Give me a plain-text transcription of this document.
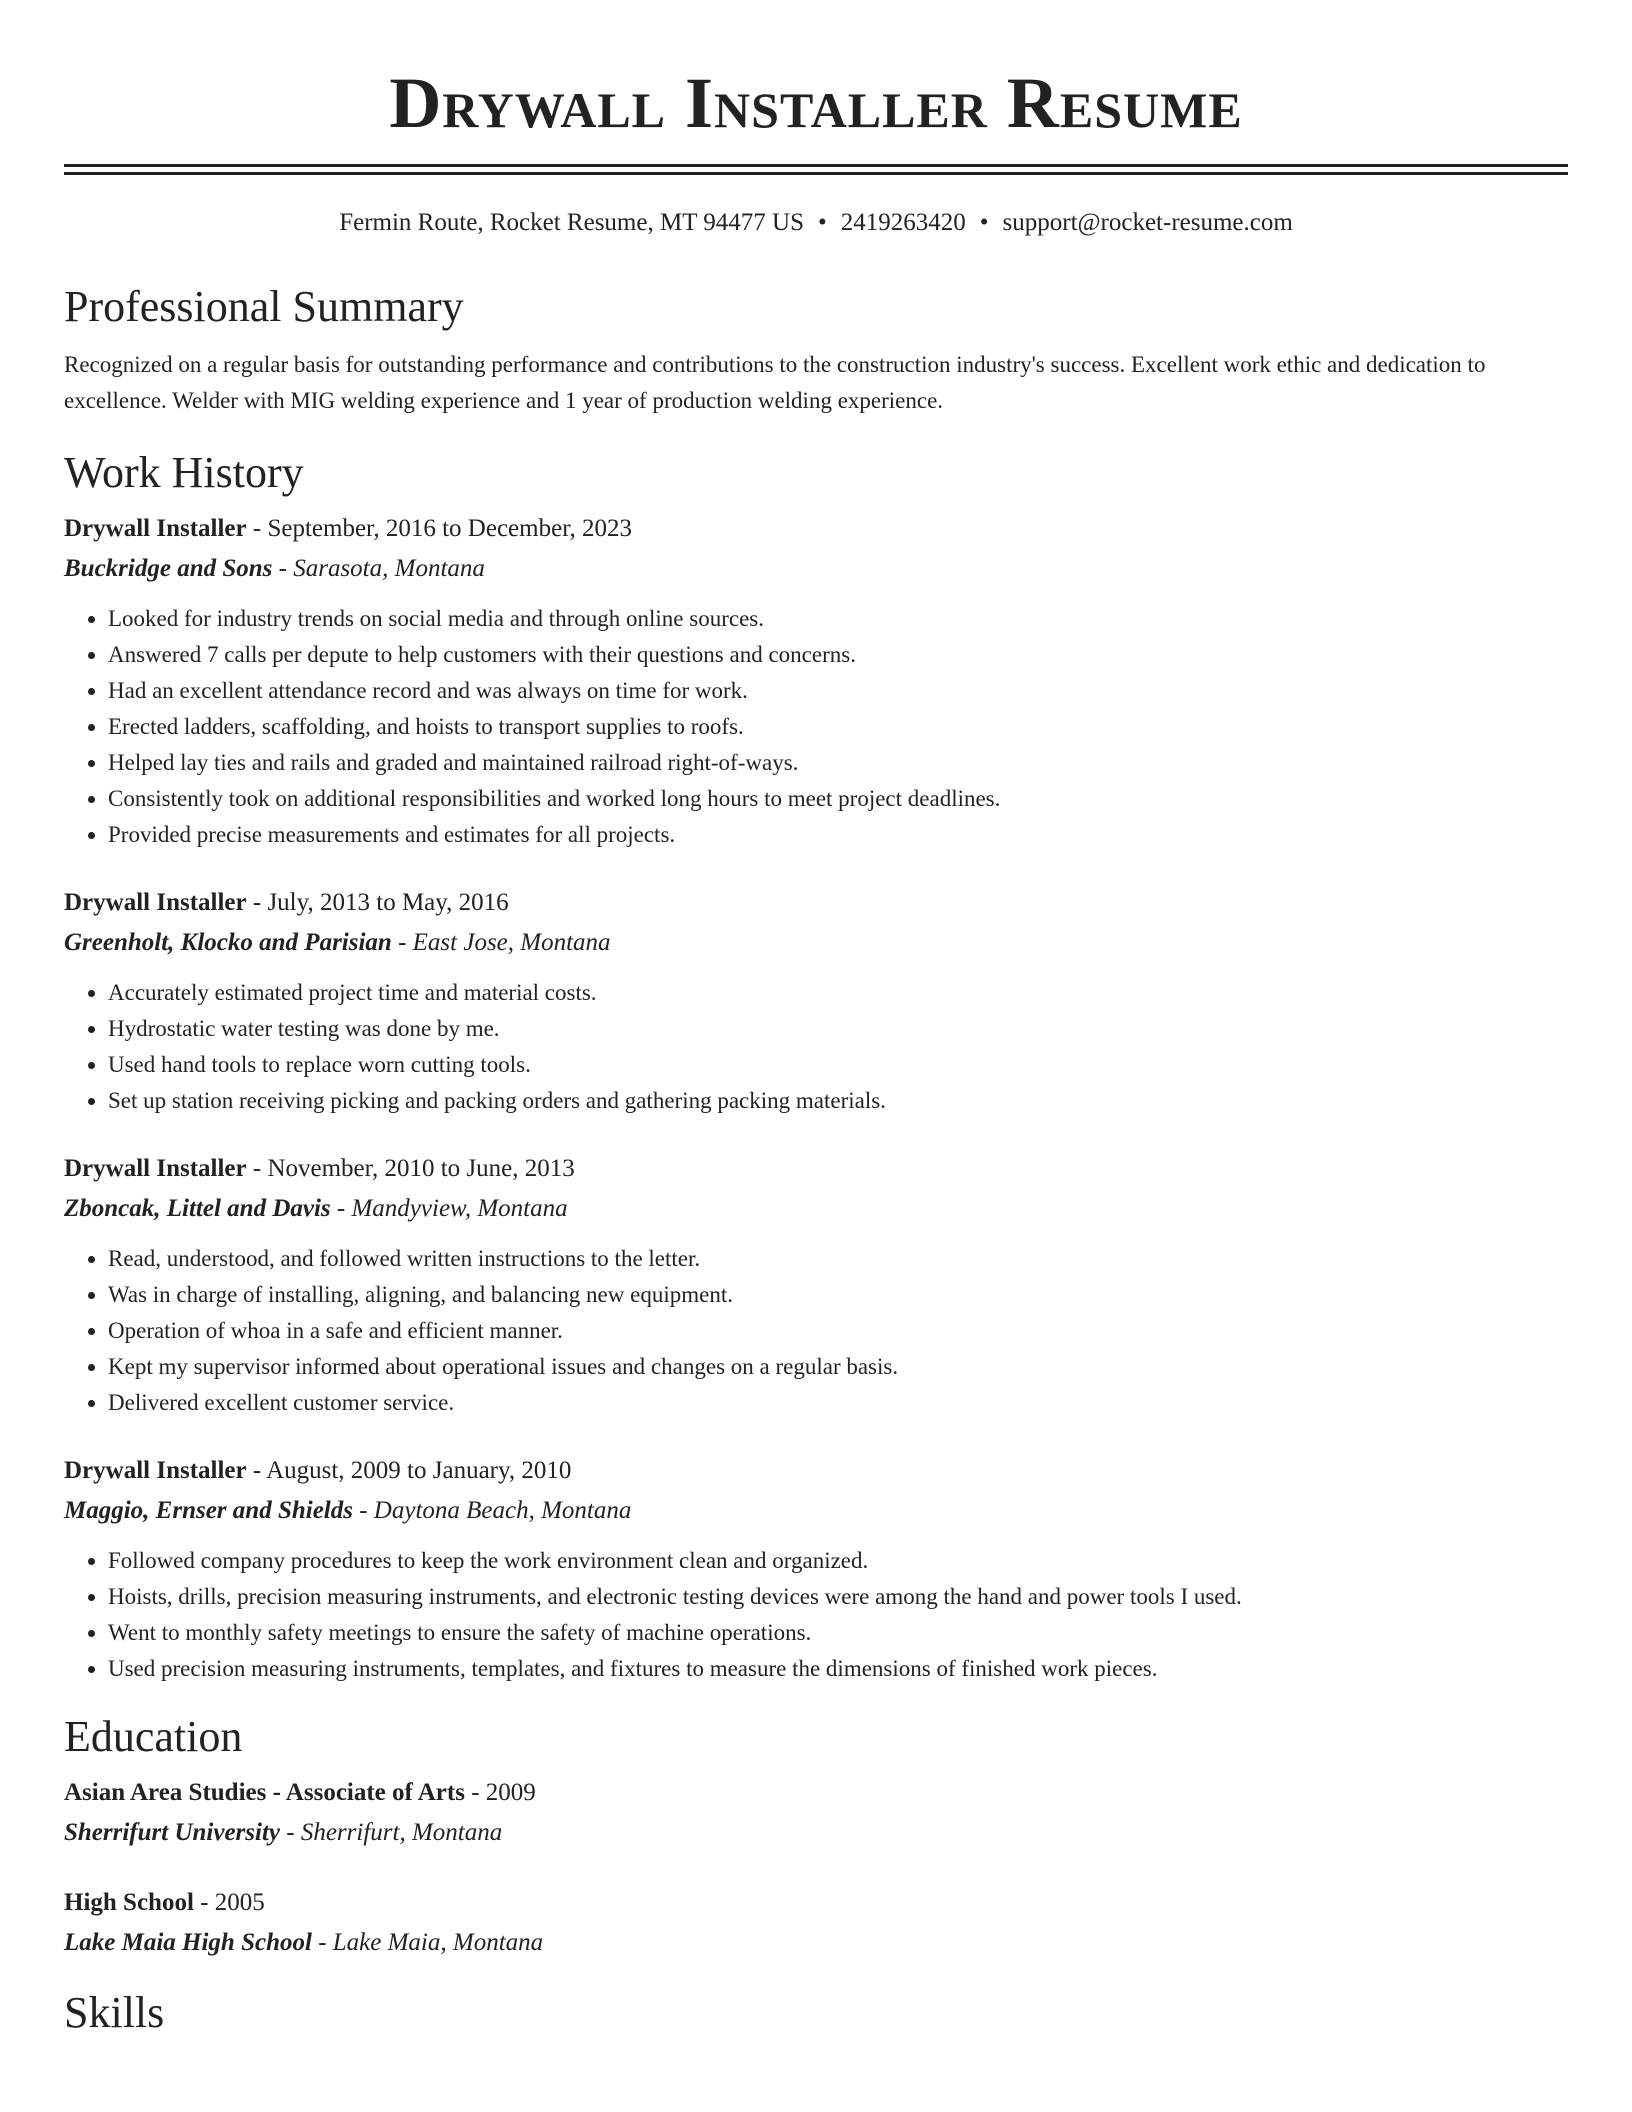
Drywall Installer Resume
Fermin Route, Rocket Resume, MT 94477 US • 2419263420 • support@rocket-resume.com
Professional Summary

Recognized on a regular basis for outstanding performance and contributions to the construction industry's success. Excellent work ethic and dedication to excellence. Welder with MIG welding experience and 1 year of production welding experience.

Work History
Drywall Installer - September, 2016 to December, 2023
Buckridge and Sons - Sarasota, Montana
• Looked for industry trends on social media and through online sources.
• Answered 7 calls per depute to help customers with their questions and concerns.
• Had an excellent attendance record and was always on time for work.
• Erected ladders, scaffolding, and hoists to transport supplies to roofs.
• Helped lay ties and rails and graded and maintained railroad right-of-ways.
• Consistently took on additional responsibilities and worked long hours to meet project deadlines.
• Provided precise measurements and estimates for all projects.
Drywall Installer - July, 2013 to May, 2016
Greenholt, Klocko and Parisian - East Jose, Montana
• Accurately estimated project time and material costs.
• Hydrostatic water testing was done by me.
• Used hand tools to replace worn cutting tools.
• Set up station receiving picking and packing orders and gathering packing materials.
Drywall Installer - November, 2010 to June, 2013
Zboncak, Littel and Davis - Mandyview, Montana
• Read, understood, and followed written instructions to the letter.
• Was in charge of installing, aligning, and balancing new equipment.
• Operation of whoa in a safe and efficient manner.
• Kept my supervisor informed about operational issues and changes on a regular basis.
• Delivered excellent customer service.
Drywall Installer - August, 2009 to January, 2010
Maggio, Ernser and Shields - Daytona Beach, Montana
• Followed company procedures to keep the work environment clean and organized.
• Hoists, drills, precision measuring instruments, and electronic testing devices were among the hand and power tools I used.
• Went to monthly safety meetings to ensure the safety of machine operations.
• Used precision measuring instruments, templates, and fixtures to measure the dimensions of finished work pieces.
Education
Asian Area Studies - Associate of Arts - 2009
Sherrifurt University - Sherrifurt, Montana
High School - 2005
Lake Maia High School - Lake Maia, Montana
Skills
